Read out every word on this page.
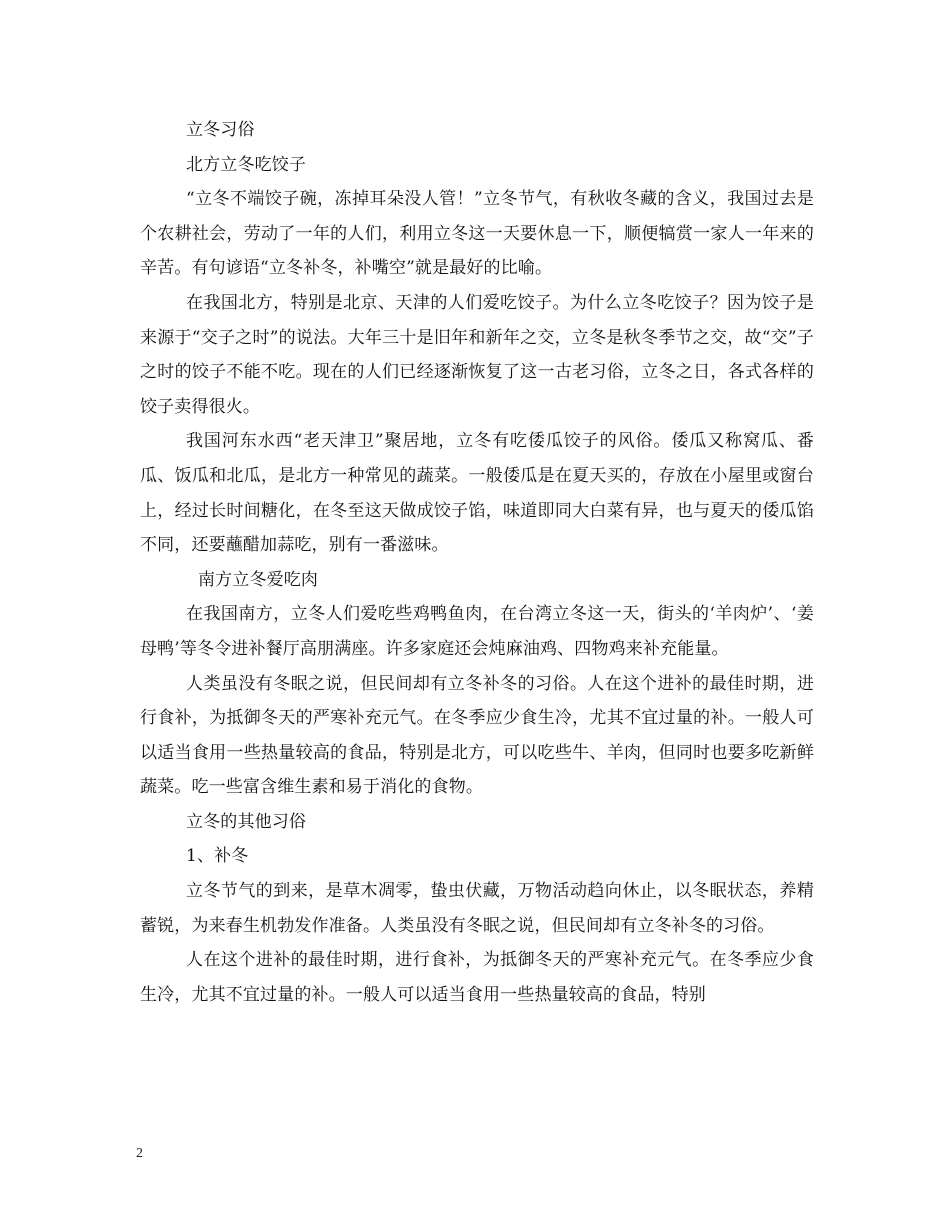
立冬习俗

北方立冬吃饺子

“立冬不端饺子碗，冻掉耳朵没人管！”立冬节气，有秋收冬藏的含义，我国过去是个农耕社会，劳动了一年的人们，利用立冬这一天要休息一下，顺便犒赏一家人一年来的辛苦。有句谚语“立冬补冬，补嘴空”就是最好的比喻。

在我国北方，特别是北京、天津的人们爱吃饺子。为什么立冬吃饺子？因为饺子是来源于“交子之时”的说法。大年三十是旧年和新年之交，立冬是秋冬季节之交，故“交”子之时的饺子不能不吃。现在的人们已经逐渐恢复了这一古老习俗，立冬之日，各式各样的饺子卖得很火。

我国河东水西“老天津卫”聚居地，立冬有吃倭瓜饺子的风俗。倭瓜又称窝瓜、番瓜、饭瓜和北瓜，是北方一种常见的蔬菜。一般倭瓜是在夏天买的，存放在小屋里或窗台上，经过长时间糖化，在冬至这天做成饺子馅，味道即同大白菜有异，也与夏天的倭瓜馅不同，还要蘸醋加蒜吃，别有一番滋味。

南方立冬爱吃肉

在我国南方，立冬人们爱吃些鸡鸭鱼肉，在台湾立冬这一天，街头的‘羊肉炉’、‘姜母鸭’等冬令进补餐厅高朋满座。许多家庭还会炖麻油鸡、四物鸡来补充能量。

人类虽没有冬眠之说，但民间却有立冬补冬的习俗。人在这个进补的最佳时期，进行食补，为抵御冬天的严寒补充元气。在冬季应少食生冷，尤其不宜过量的补。一般人可以适当食用一些热量较高的食品，特别是北方，可以吃些牛、羊肉，但同时也要多吃新鲜蔬菜。吃一些富含维生素和易于消化的食物。

立冬的其他习俗

1、补冬

立冬节气的到来，是草木凋零，蛰虫伏藏，万物活动趋向休止，以冬眠状态，养精蓄锐，为来春生机勃发作准备。人类虽没有冬眠之说，但民间却有立冬补冬的习俗。

人在这个进补的最佳时期，进行食补，为抵御冬天的严寒补充元气。在冬季应少食生冷，尤其不宜过量的补。一般人可以适当食用一些热量较高的食品，特别

2
